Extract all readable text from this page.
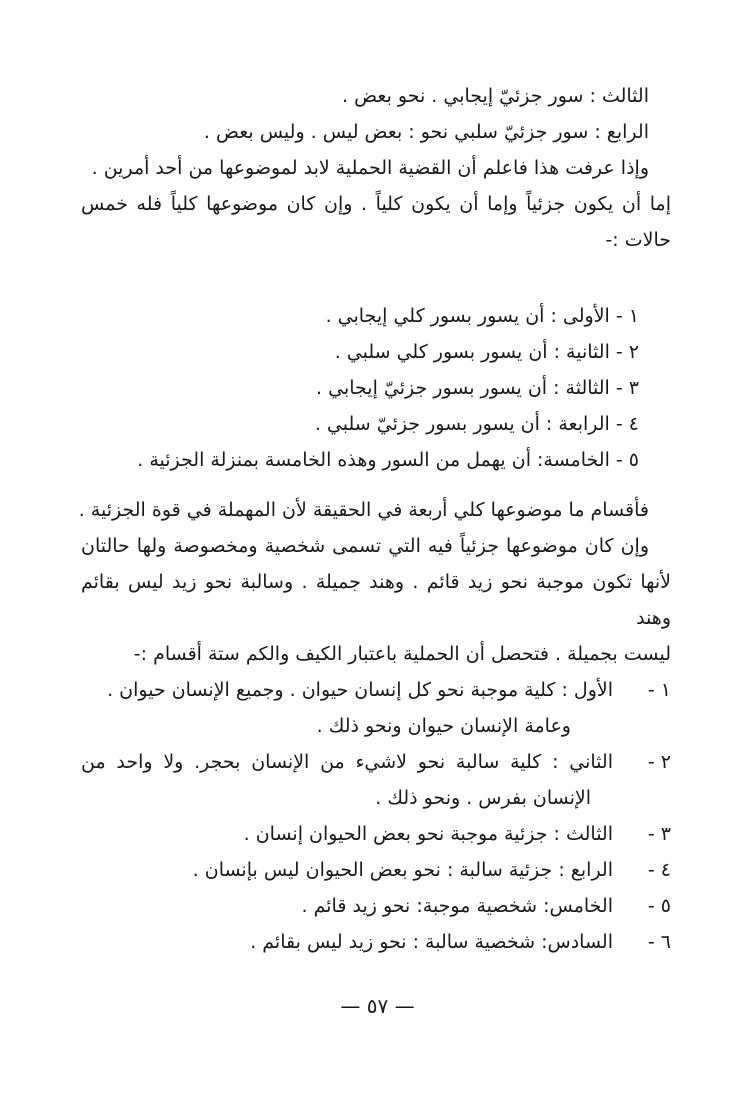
الثالث : سور جزئيّ إيجابي . نحو بعض .
الرابع : سور جزئيّ سلبي نحو : بعض ليس . وليس بعض .
وإذا عرفت هذا فاعلم أن القضية الحملية لابد لموضوعها من أحد أمرين .
إما أن يكون جزئياً وإما أن يكون كلياً . وإن كان موضوعها كلياً فله خمس
حالات :-
١ - الأولى : أن يسور بسور كلي إيجابي .
٢ - الثانية : أن يسور بسور كلي سلبي .
٣ - الثالثة : أن يسور بسور جزئيّ إيجابي .
٤ - الرابعة : أن يسور بسور جزئيّ سلبي .
٥ - الخامسة: أن يهمل من السور وهذه الخامسة بمنزلة الجزئية .
فأقسام ما موضوعها كلي أربعة في الحقيقة لأن المهملة في قوة الجزئية .
وإن كان موضوعها جزئياً فيه التي تسمى شخصية ومخصوصة ولها حالتان
لأنها تكون موجبة نحو زيد قائم . وهند جميلة . وسالبة نحو زيد ليس بقائم وهند
ليست بجميلة . فتحصل أن الحملية باعتبار الكيف والكم ستة أقسام :-
١ -
الأول : كلية موجبة نحو كل إنسان حيوان . وجميع الإنسان حيوان .
وعامة الإنسان حيوان ونحو ذلك .
٢ -
الثاني : كلية سالبة نحو لاشيء من الإنسان بحجر. ولا واحد من
الإنسان بفرس . ونحو ذلك .
٣ -
الثالث : جزئية موجبة نحو بعض الحيوان إنسان .
٤ -
الرابع : جزئية سالبة : نحو بعض الحيوان ليس بإنسان .
٥ -
الخامس: شخصية موجبة: نحو زيد قائم .
٦ -
السادس: شخصية سالبة : نحو زيد ليس بقائم .
— ٥٧ —
